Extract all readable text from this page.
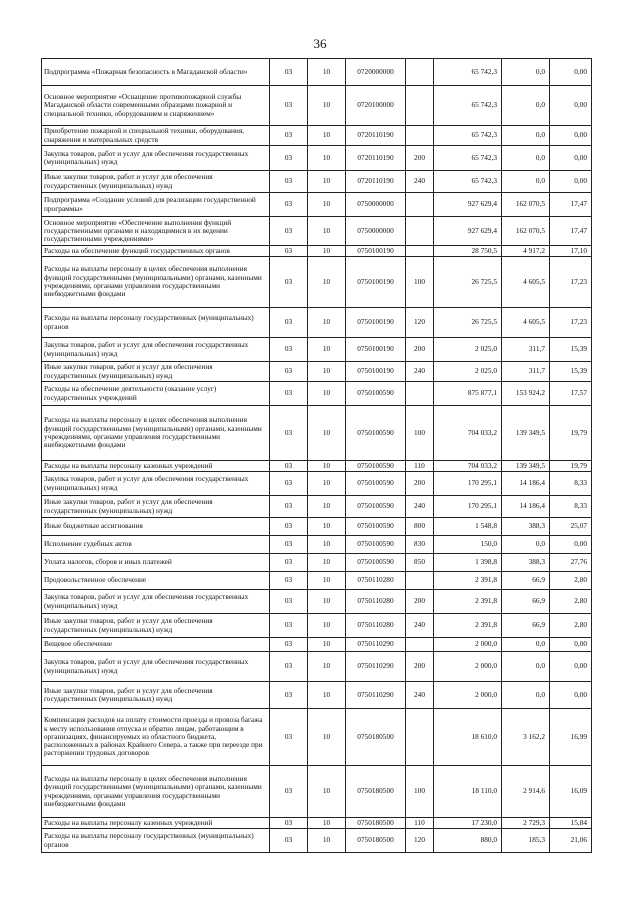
36
Подпрограмма «Пожарная безопасность в Магаданской области»	03	10	0720000000		65 742,3	0,0	0,00
Основное мероприятие «Оснащение противопожарной службы Магаданской области современными образцами пожарной и специальной техники, оборудованием и снаряжением»	03	10	0720100000		65 742,3	0,0	0,00
Приобретение пожарной и специальной техники, оборудования, снаряжения и материальных средств	03	10	0720110190		65 742,3	0,0	0,00
Закупка товаров, работ и услуг для обеспечения государственных (муниципальных) нужд	03	10	0720110190	200	65 742,3	0,0	0,00
Иные закупки товаров, работ и услуг для обеспечения государственных (муниципальных) нужд	03	10	0720110190	240	65 742,3	0,0	0,00
Подпрограмма «Создание условий для реализации государственной программы»	03	10	0750000000		927 629,4	162 070,5	17,47
Основное мероприятие «Обеспечение выполнения функций государственными органами и находящимися в их ведении государственными учреждениями»	03	10	0750000000		927 629,4	162 070,5	17,47
Расходы на обеспечение функций государственных органов	03	10	0750100190		28 750,5	4 917,2	17,10
Расходы на выплаты персоналу в целях обеспечения выполнения функций государственными (муниципальными) органами, казенными учреждениями, органами управления государственными внебюджетными фондами	03	10	0750100190	100	26 725,5	4 605,5	17,23
Расходы на выплаты персоналу государственных (муниципальных) органов	03	10	0750100190	120	26 725,5	4 605,5	17,23
Закупка товаров, работ и услуг для обеспечения государственных (муниципальных) нужд	03	10	0750100190	200	2 025,0	311,7	15,39
Иные закупки товаров, работ и услуг для обеспечения государственных (муниципальных) нужд	03	10	0750100190	240	2 025,0	311,7	15,39
Расходы на обеспечение деятельности (оказание услуг) государственных учреждений	03	10	0750100590		875 877,1	153 924,2	17,57
Расходы на выплаты персоналу в целях обеспечения выполнения функций государственными (муниципальными) органами, казенными учреждениями, органами управления государственными внебюджетными фондами	03	10	0750100590	100	704 033,2	139 349,5	19,79
Расходы на выплаты персоналу казенных учреждений	03	10	0750100590	110	704 033,2	139 349,5	19,79
Закупка товаров, работ и услуг для обеспечения государственных (муниципальных) нужд	03	10	0750100590	200	170 295,1	14 186,4	8,33
Иные закупки товаров, работ и услуг для обеспечения государственных (муниципальных) нужд	03	10	0750100590	240	170 295,1	14 186,4	8,33
Иные бюджетные ассигнования	03	10	0750100590	800	1 548,8	388,3	25,07
Исполнение судебных актов	03	10	0750100590	830	150,0	0,0	0,00
Уплата налогов, сборов и иных платежей	03	10	0750100590	850	1 398,8	388,3	27,76
Продовольственное обеспечение	03	10	0750110280		2 391,8	66,9	2,80
Закупка товаров, работ и услуг для обеспечения государственных (муниципальных) нужд	03	10	0750110280	200	2 391,8	66,9	2,80
Иные закупки товаров, работ и услуг для обеспечения государственных (муниципальных) нужд	03	10	0750110280	240	2 391,8	66,9	2,80
Вещевое обеспечение	03	10	0750110290		2 000,0	0,0	0,00
Закупка товаров, работ и услуг для обеспечения государственных (муниципальных) нужд	03	10	0750110290	200	2 000,0	0,0	0,00
Иные закупки товаров, работ и услуг для обеспечения государственных (муниципальных) нужд	03	10	0750110290	240	2 000,0	0,0	0,00
Компенсация расходов на оплату стоимости проезда и провоза багажа к месту использования отпуска и обратно лицам, работающим в организациях, финансируемых из областного бюджета, расположенных в районах Крайнего Севера, а также при переезде при расторжении трудовых договоров	03	10	0750180500		18 610,0	3 162,2	16,99
Расходы на выплаты персоналу в целях обеспечения выполнения функций государственными (муниципальными) органами, казенными учреждениями, органами управления государственными внебюджетными фондами	03	10	0750180500	100	18 110,0	2 914,6	16,09
Расходы на выплаты персоналу казенных учреждений	03	10	0750180500	110	17 230,0	2 729,3	15,84
Расходы на выплаты персоналу государственных (муниципальных) органов	03	10	0750180500	120	880,0	185,3	21,06
